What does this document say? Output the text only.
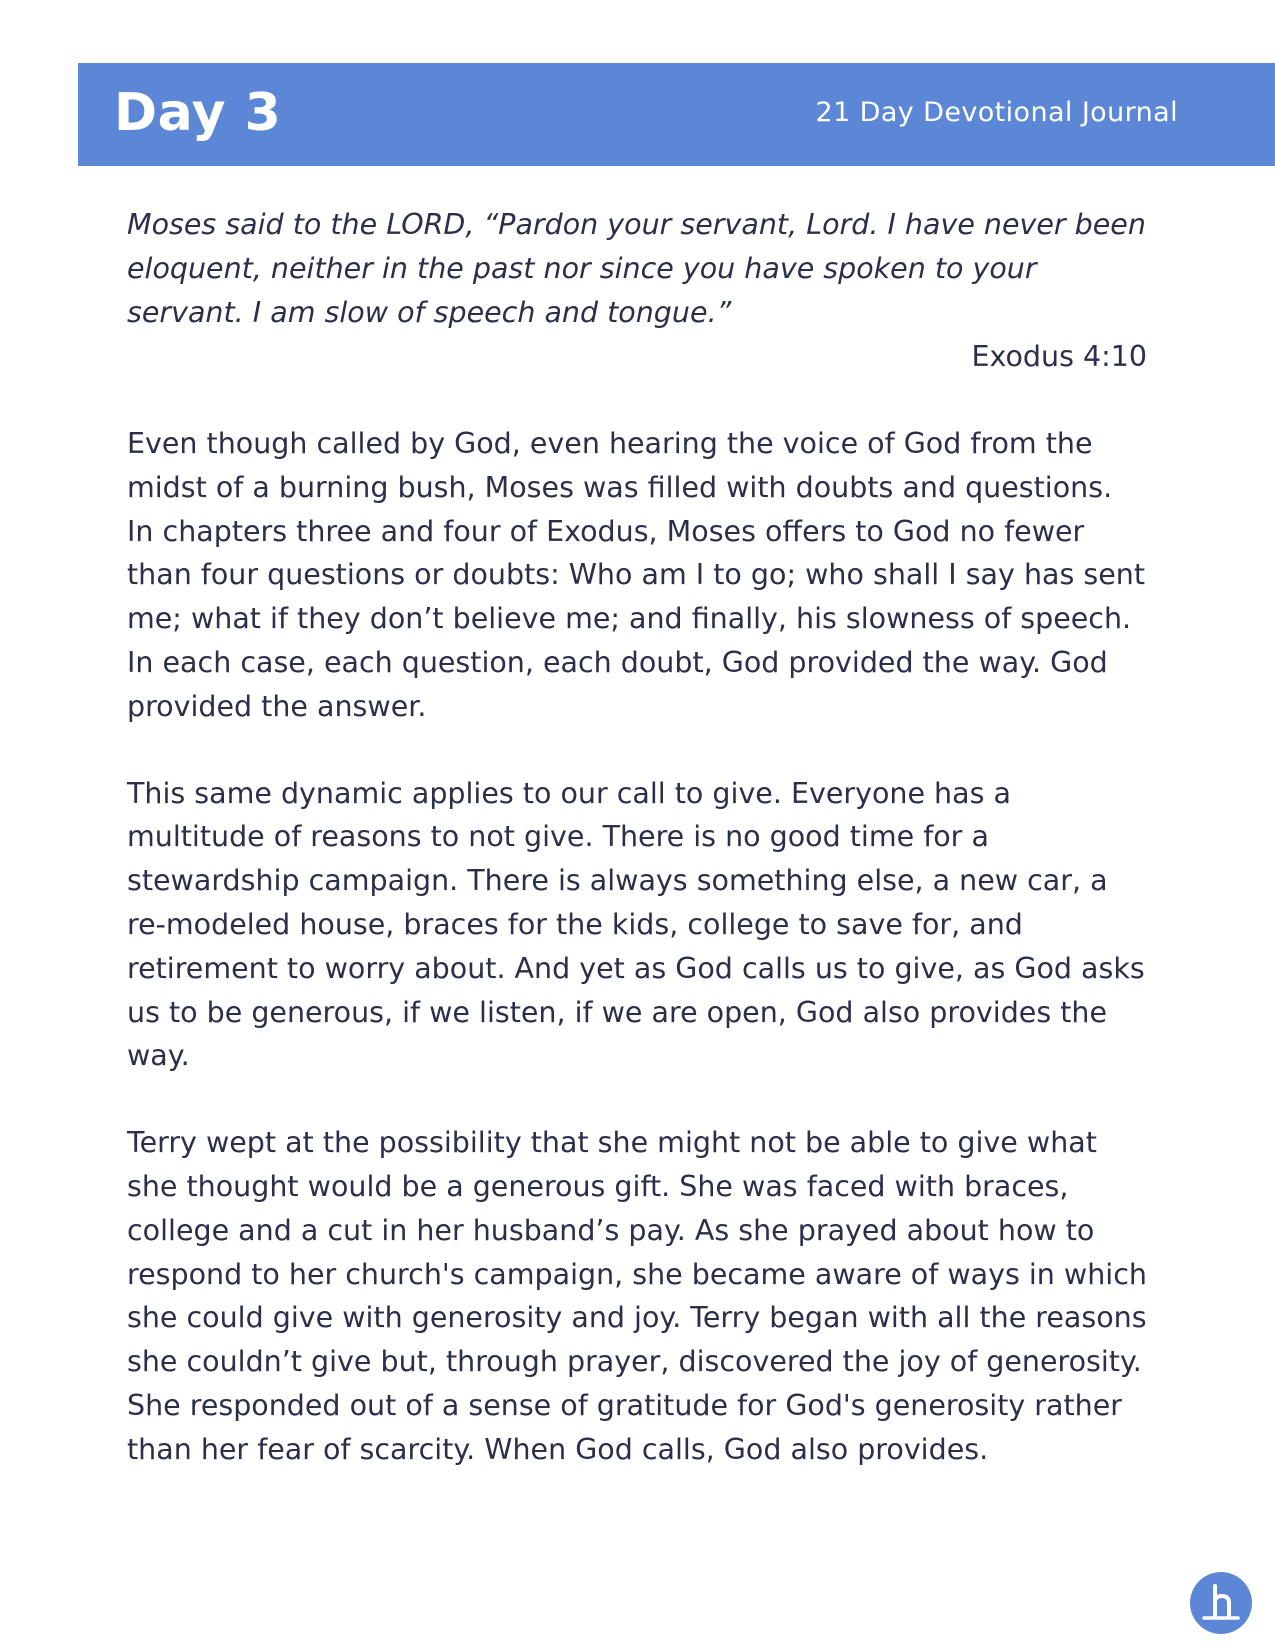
Day 3	21 Day Devotional Journal

Moses said to the LORD, “Pardon your servant, Lord. I have never been eloquent, neither in the past nor since you have spoken to your servant. I am slow of speech and tongue.”

Exodus 4:10

Even though called by God, even hearing the voice of God from the midst of a burning bush, Moses was filled with doubts and questions. In chapters three and four of Exodus, Moses offers to God no fewer than four questions or doubts: Who am I to go; who shall I say has sent me; what if they don’t believe me; and finally, his slowness of speech. In each case, each question, each doubt, God provided the way. God provided the answer.

This same dynamic applies to our call to give. Everyone has a multitude of reasons to not give. There is no good time for a stewardship campaign. There is always something else, a new car, a re-modeled house, braces for the kids, college to save for, and retirement to worry about. And yet as God calls us to give, as God asks us to be generous, if we listen, if we are open, God also provides the way.

Terry wept at the possibility that she might not be able to give what she thought would be a generous gift. She was faced with braces, college and a cut in her husband’s pay. As she prayed about how to respond to her church's campaign, she became aware of ways in which she could give with generosity and joy. Terry began with all the reasons she couldn’t give but, through prayer, discovered the joy of generosity. She responded out of a sense of gratitude for God's generosity rather than her fear of scarcity. When God calls, God also provides.
